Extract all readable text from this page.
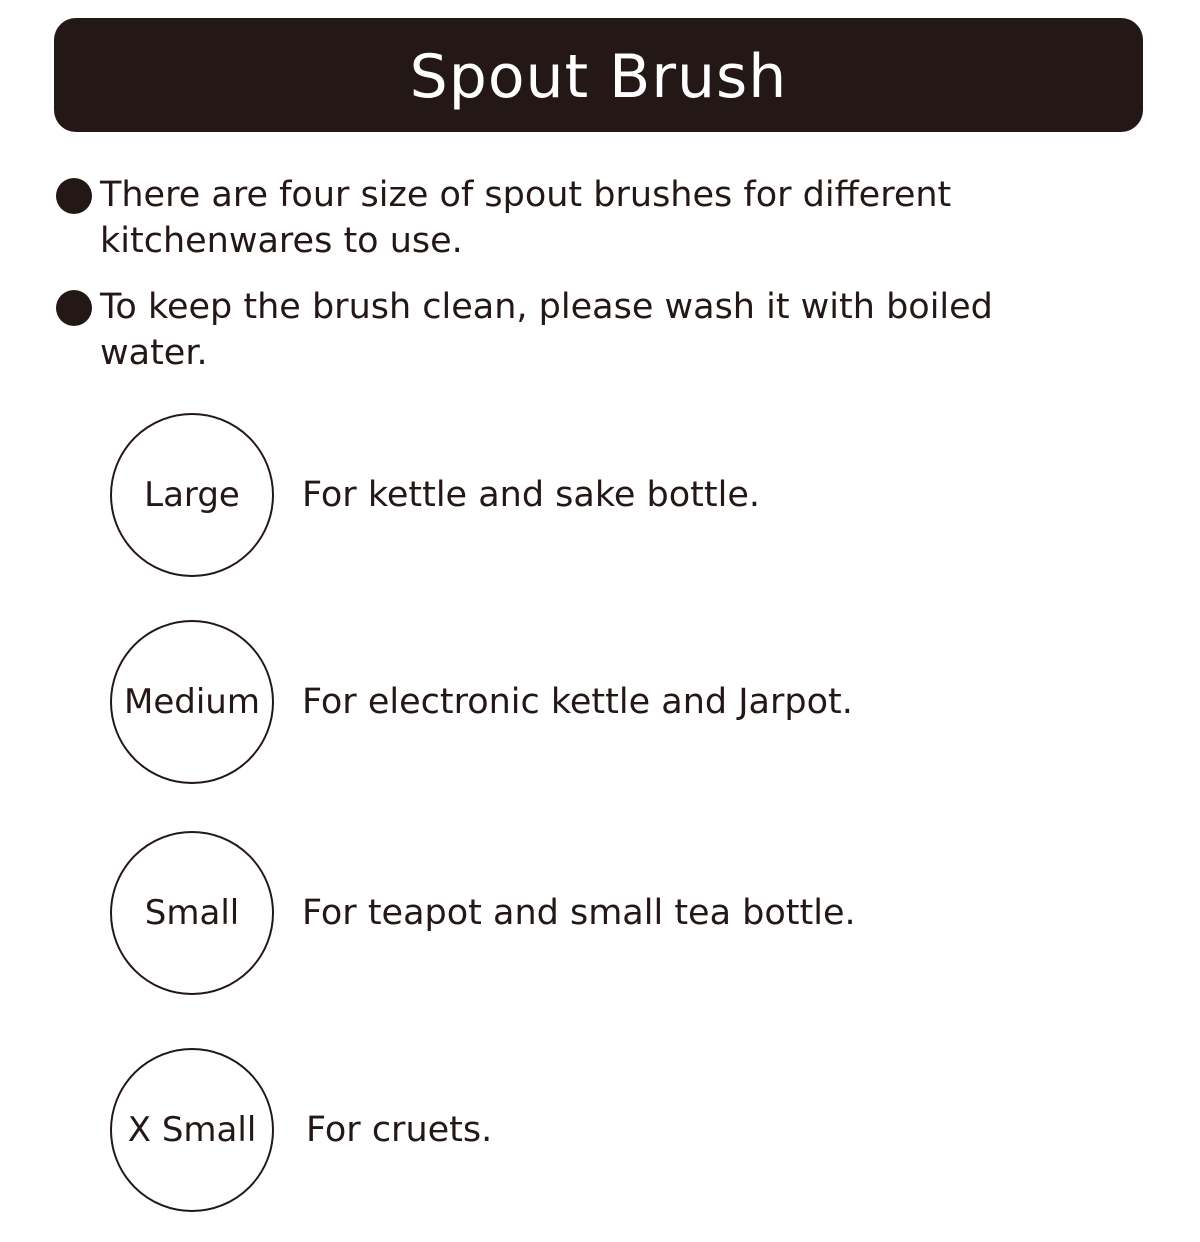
Spout Brush
There are four size of spout brushes for different kitchenwares to use.
To keep the brush clean, please wash it with boiled water.
Large For kettle and sake bottle.
Medium For electronic kettle and Jarpot.
Small For teapot and small tea bottle.
X Small For cruets.
